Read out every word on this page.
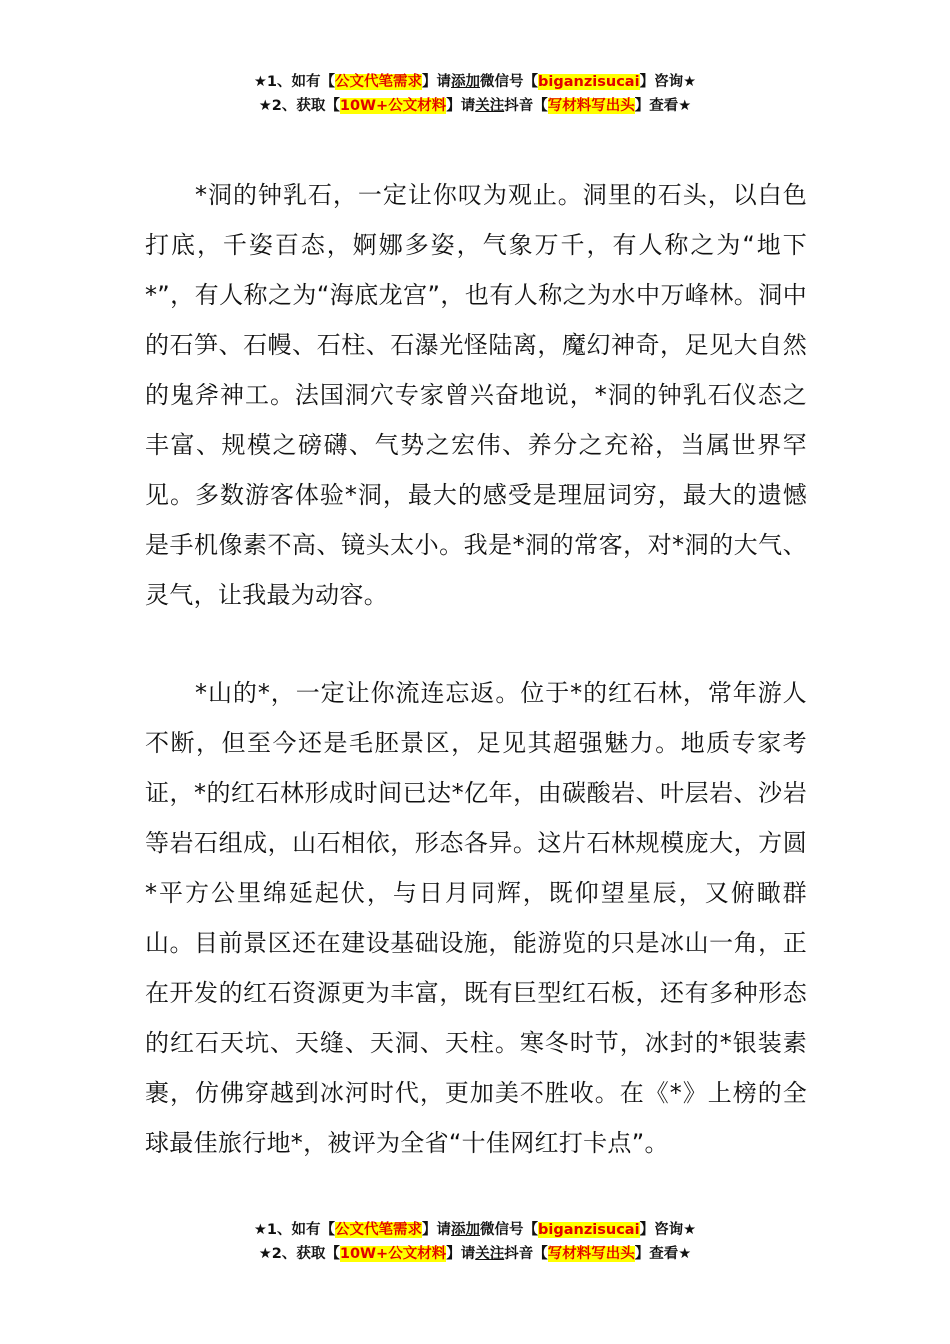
★1、如有【公文代笔需求】请添加微信号【biganzisucai】咨询★
★2、获取【10W+公文材料】请关注抖音【写材料写出头】查看★

*洞的钟乳石，一定让你叹为观止。洞里的石头，以白色打底，千姿百态，婀娜多姿，气象万千，有人称之为“地下*”，有人称之为“海底龙宫”，也有人称之为水中万峰林。洞中的石笋、石幔、石柱、石瀑光怪陆离，魔幻神奇，足见大自然的鬼斧神工。法国洞穴专家曾兴奋地说，*洞的钟乳石仪态之丰富、规模之磅礴、气势之宏伟、养分之充裕，当属世界罕见。多数游客体验*洞，最大的感受是理屈词穷，最大的遗憾是手机像素不高、镜头太小。我是*洞的常客，对*洞的大气、灵气，让我最为动容。

*山的*，一定让你流连忘返。位于*的红石林，常年游人不断，但至今还是毛胚景区，足见其超强魅力。地质专家考证，*的红石林形成时间已达*亿年，由碳酸岩、叶层岩、沙岩等岩石组成，山石相依，形态各异。这片石林规模庞大，方圆*平方公里绵延起伏，与日月同辉，既仰望星辰，又俯瞰群山。目前景区还在建设基础设施，能游览的只是冰山一角，正在开发的红石资源更为丰富，既有巨型红石板，还有多种形态的红石天坑、天缝、天洞、天柱。寒冬时节，冰封的*银装素裹，仿佛穿越到冰河时代，更加美不胜收。在《*》上榜的全球最佳旅行地*，被评为全省“十佳网红打卡点”。

★1、如有【公文代笔需求】请添加微信号【biganzisucai】咨询★
★2、获取【10W+公文材料】请关注抖音【写材料写出头】查看★
